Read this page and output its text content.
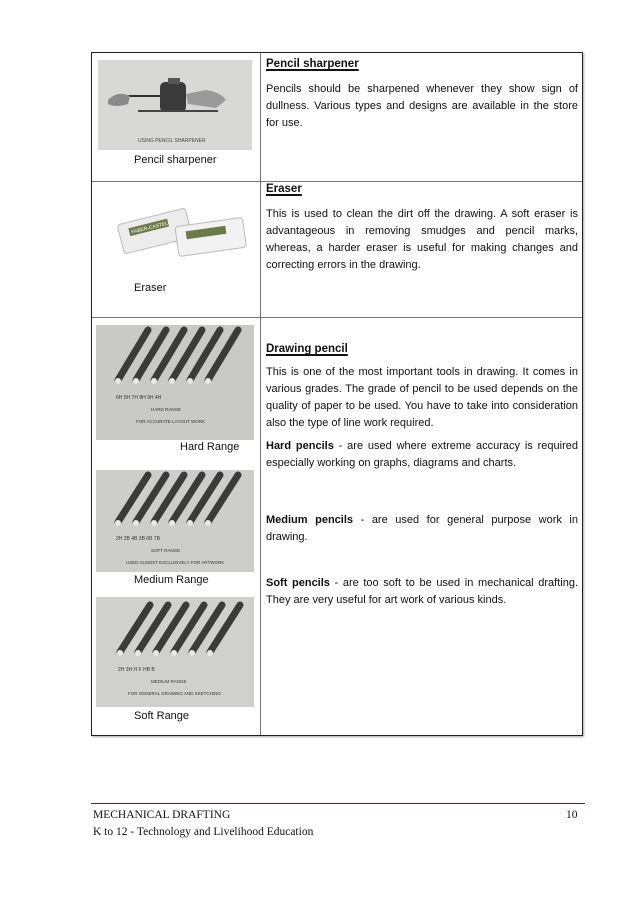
USING PENCIL SHARPENER
Pencil sharpener
Pencil sharpener
Pencils should be sharpened whenever they show sign of dullness. Various types and designs are available in the store for use.
FABER-CASTELL
Eraser
Eraser
This is used to clean the dirt off the drawing. A soft eraser is advantageous in removing smudges and pencil marks, whereas, a harder eraser is useful for making changes and correcting errors in the drawing.
6H 5H 7H 8H 9H 4H
HARD RANGE
FOR ACCURATE LAYOUT WORK
Hard Range
2H 2B 4B 3B 6B 7B
SOFT RANGE
USED ALMOST EXCLUSIVELY FOR ARTWORK
Medium Range
2H 3H H F HB B
MEDIUM RANGE
FOR GENERAL DRAWING AND SKETCHING
Soft Range
Drawing pencil
This is one of the most important tools in drawing. It comes in various grades. The grade of pencil to be used depends on the quality of paper to be used. You have to take into consideration also the type of line work required.
Hard pencils - are used where extreme accuracy is required especially working on graphs, diagrams and charts.
Medium pencils - are used for general purpose work in drawing.
Soft pencils - are too soft to be used in mechanical drafting. They are very useful for art work of various kinds.
MECHANICAL DRAFTING
K to 12 - Technology and Livelihood Education
10
